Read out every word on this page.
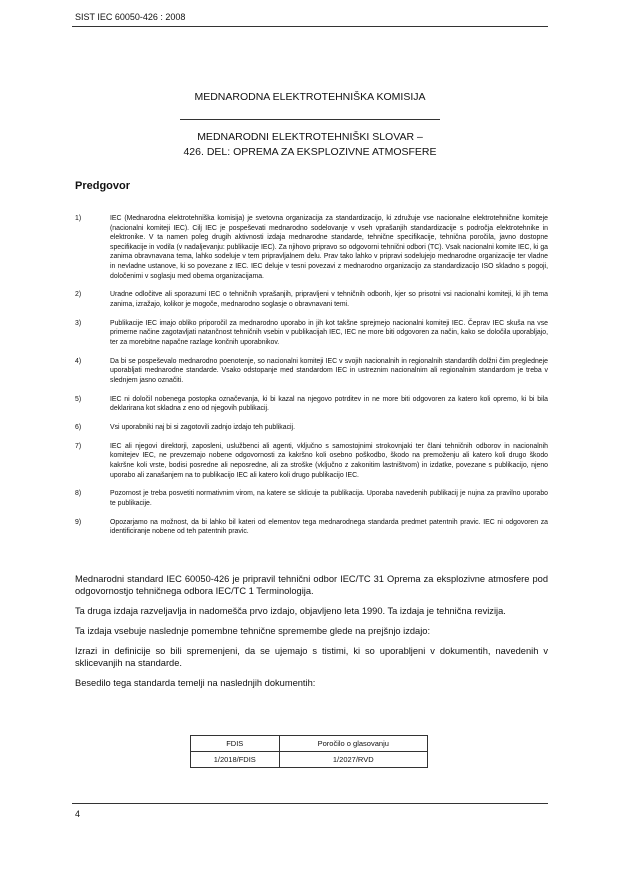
SIST IEC 60050-426 : 2008
MEDNARODNA ELEKTROTEHNIŠKA KOMISIJA
MEDNARODNI ELEKTROTEHNIŠKI SLOVAR –
426. DEL: OPREMA ZA EKSPLOZIVNE ATMOSFERE
Predgovor
1)	IEC (Mednarodna elektrotehniška komisija) je svetovna organizacija za standardizacijo, ki združuje vse nacionalne elektrotehnične komiteje (nacionalni komiteji IEC). Cilj IEC je pospeševati mednarodno sodelovanje v vseh vprašanjih standardizacije s področja elektrotehnike in elektronike. V ta namen poleg drugih aktivnosti izdaja mednarodne standarde, tehnične specifikacije, tehnična poročila, javno dostopne specifikacije in vodila (v nadaljevanju: publikacije IEC). Za njihovo pripravo so odgovorni tehnični odbori (TC). Vsak nacionalni komite IEC, ki ga zanima obravnavana tema, lahko sodeluje v tem pripravljalnem delu. Prav tako lahko v pripravi sodelujejo mednarodne organizacije ter vladne in nevladne ustanove, ki so povezane z IEC. IEC deluje v tesni povezavi z mednarodno organizacijo za standardizacijo ISO skladno s pogoji, določenimi v soglasju med obema organizacijama.
2)	Uradne odločitve ali sporazumi IEC o tehničnih vprašanjih, pripravljeni v tehničnih odborih, kjer so prisotni vsi nacionalni komiteji, ki jih tema zanima, izražajo, kolikor je mogoče, mednarodno soglasje o obravnavani temi.
3)	Publikacije IEC imajo obliko priporočil za mednarodno uporabo in jih kot takšne sprejmejo nacionalni komiteji IEC. Čeprav IEC skuša na vse primerne načine zagotavljati natančnost tehničnih vsebin v publikacijah IEC, IEC ne more biti odgovoren za način, kako se določila uporabljajo, ter za morebitne napačne razlage končnih uporabnikov.
4)	Da bi se pospeševalo mednarodno poenotenje, so nacionalni komiteji IEC v svojih nacionalnih in regionalnih standardih dolžni čim pregledneje uporabljati mednarodne standarde. Vsako odstopanje med standardom IEC in ustreznim nacionalnim ali regionalnim standardom je treba v slednjem jasno označiti.
5)	IEC ni določil nobenega postopka označevanja, ki bi kazal na njegovo potrditev in ne more biti odgovoren za katero koli opremo, ki bi bila deklarirana kot skladna z eno od njegovih publikacij.
6)	Vsi uporabniki naj bi si zagotovili zadnjo izdajo teh publikacij.
7)	IEC ali njegovi direktorji, zaposleni, uslužbenci ali agenti, vključno s samostojnimi strokovnjaki ter člani tehničnih odborov in nacionalnih komitejev IEC, ne prevzemajo nobene odgovornosti za kakršno koli osebno poškodbo, škodo na premoženju ali katero koli drugo škodo kakršne koli vrste, bodisi posredne ali neposredne, ali za stroške (vključno z zakonitim lastništvom) in izdatke, povezane s publikacijo, njeno uporabo ali zanašanjem na to publikacijo IEC ali katero koli drugo publikacijo IEC.
8)	Pozornost je treba posvetiti normativnim virom, na katere se sklicuje ta publikacija. Uporaba navedenih publikacij je nujna za pravilno uporabo te publikacije.
9)	Opozarjamo na možnost, da bi lahko bil kateri od elementov tega mednarodnega standarda predmet patentnih pravic. IEC ni odgovoren za identificiranje nobene od teh patentnih pravic.
Mednarodni standard IEC 60050-426 je pripravil tehnični odbor IEC/TC 31 Oprema za eksplozivne atmosfere pod odgovornostjo tehničnega odbora IEC/TC 1 Terminologija.
Ta druga izdaja razveljavlja in nadomešča prvo izdajo, objavljeno leta 1990. Ta izdaja je tehnična revizija.
Ta izdaja vsebuje naslednje pomembne tehnične spremembe glede na prejšnjo izdajo:
Izrazi in definicije so bili spremenjeni, da se ujemajo s tistimi, ki so uporabljeni v dokumentih, navedenih v sklicevanjih na standarde.
Besedilo tega standarda temelji na naslednjih dokumentih:
FDIS	Poročilo o glasovanju
1/2018/FDIS	1/2027/RVD
4
